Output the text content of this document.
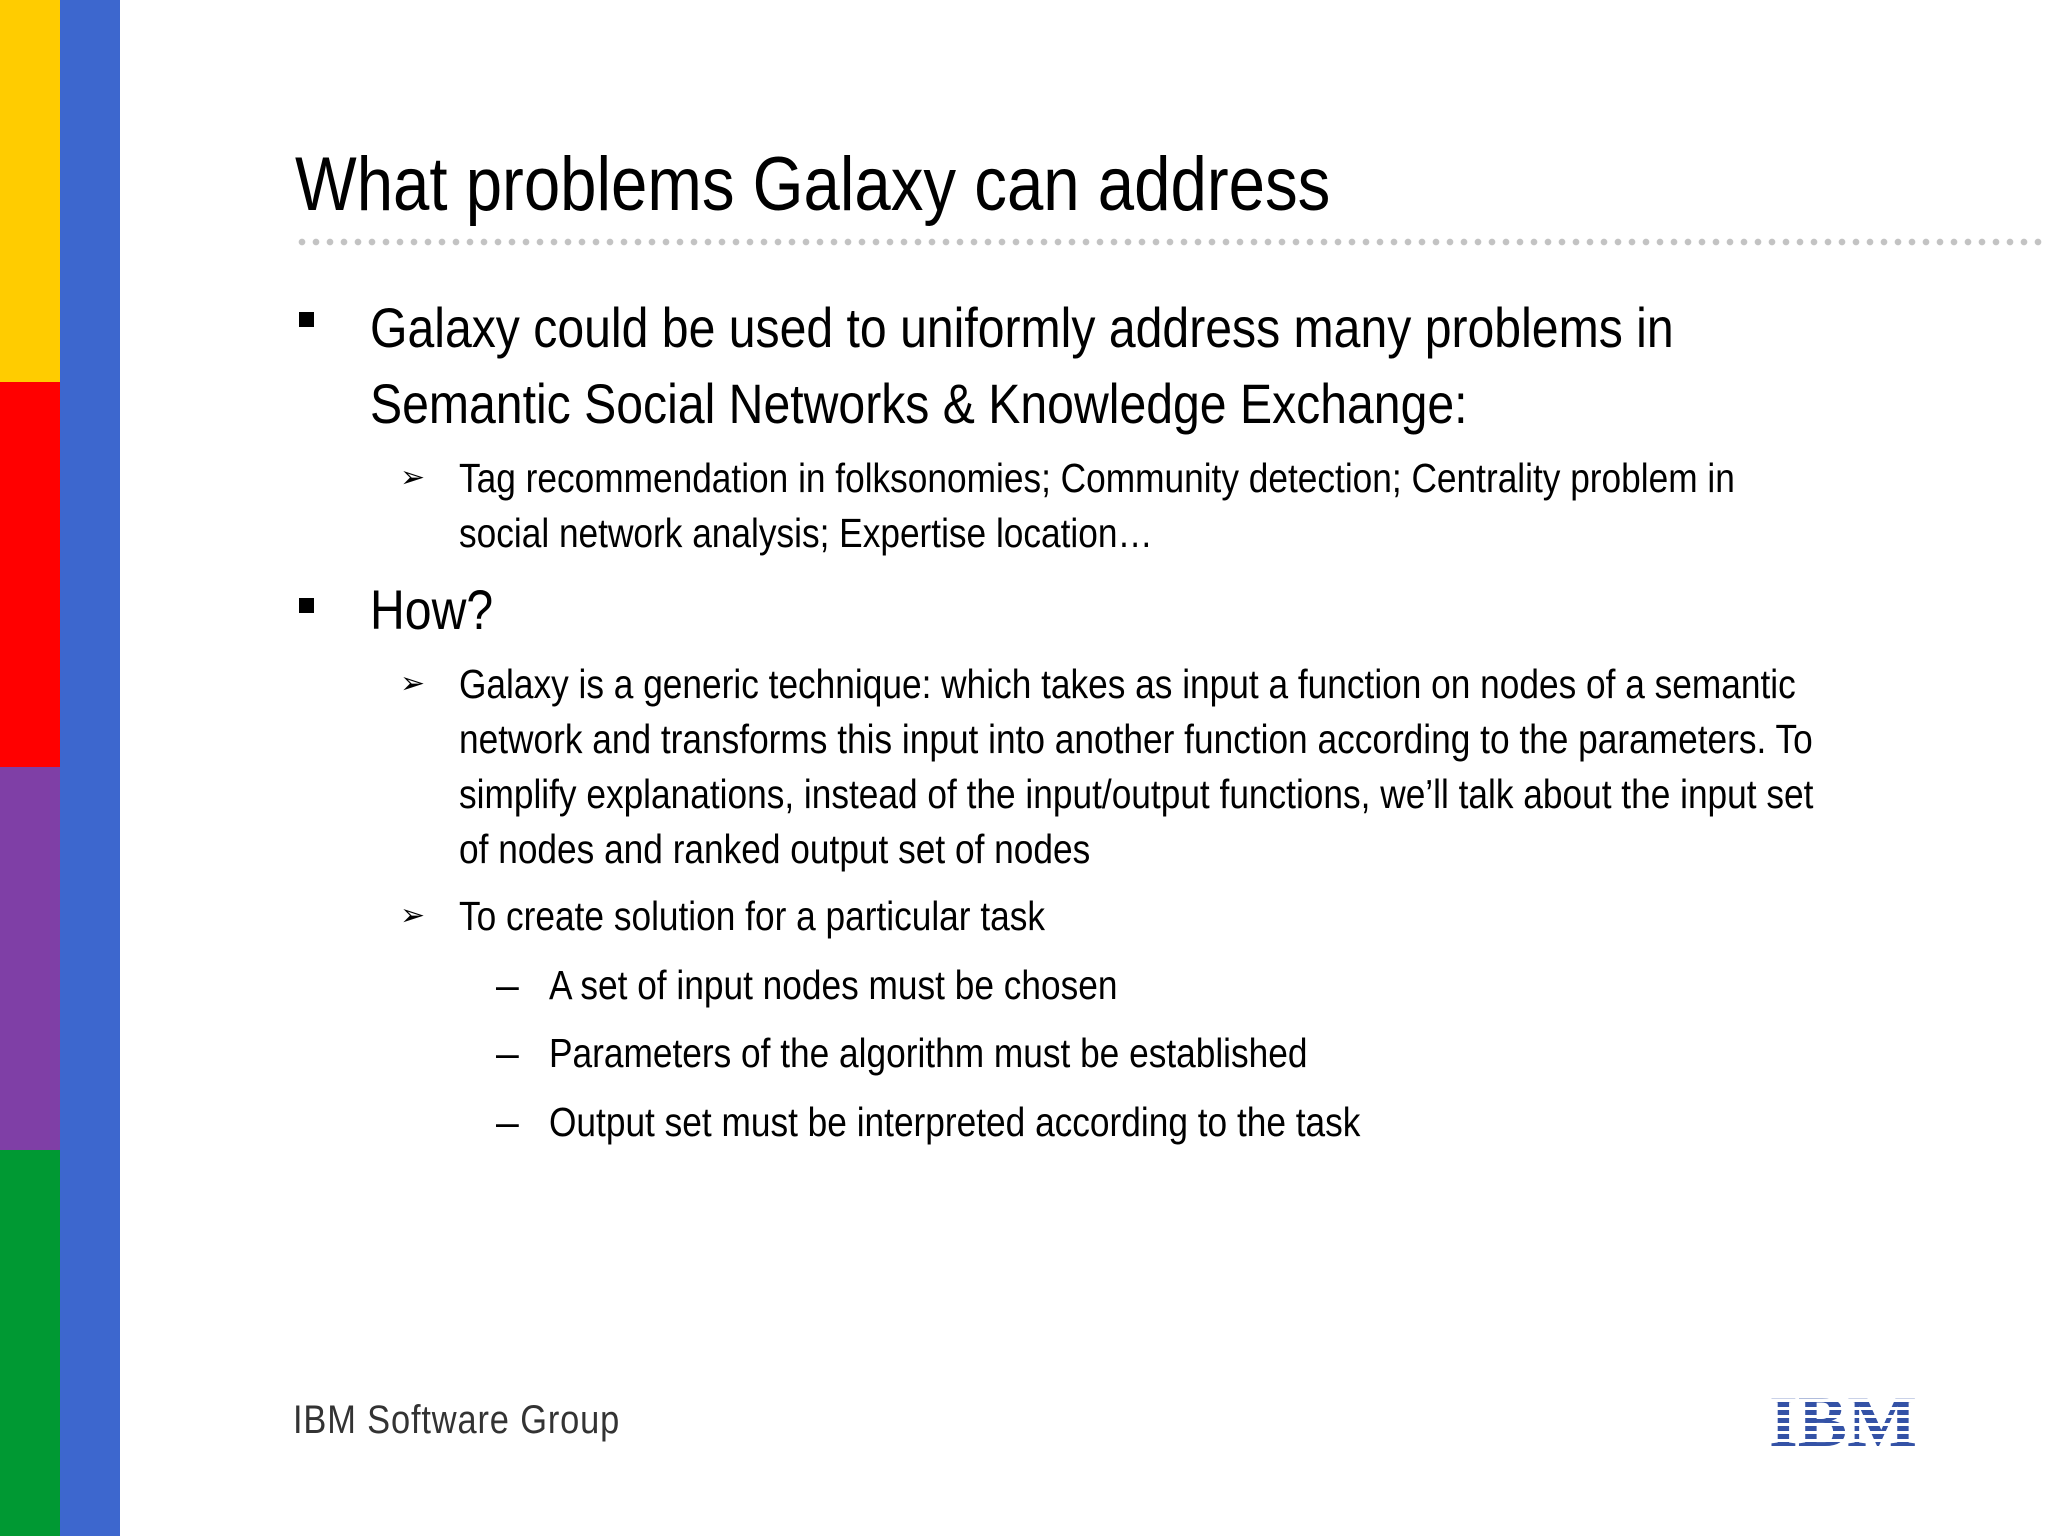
What problems Galaxy can address
Galaxy could be used to uniformly address many problems in Semantic Social Networks & Knowledge Exchange:
➢ Tag recommendation in folksonomies; Community detection; Centrality problem in social network analysis; Expertise location…
How?
➢ Galaxy is a generic technique: which takes as input a function on nodes of a semantic network and transforms this input into another function according to the parameters. To simplify explanations, instead of the input/output functions, we’ll talk about the input set of nodes and ranked output set of nodes
➢ To create solution for a particular task
– A set of input nodes must be chosen
– Parameters of the algorithm must be established
– Output set must be interpreted according to the task
IBM Software Group	IBM
